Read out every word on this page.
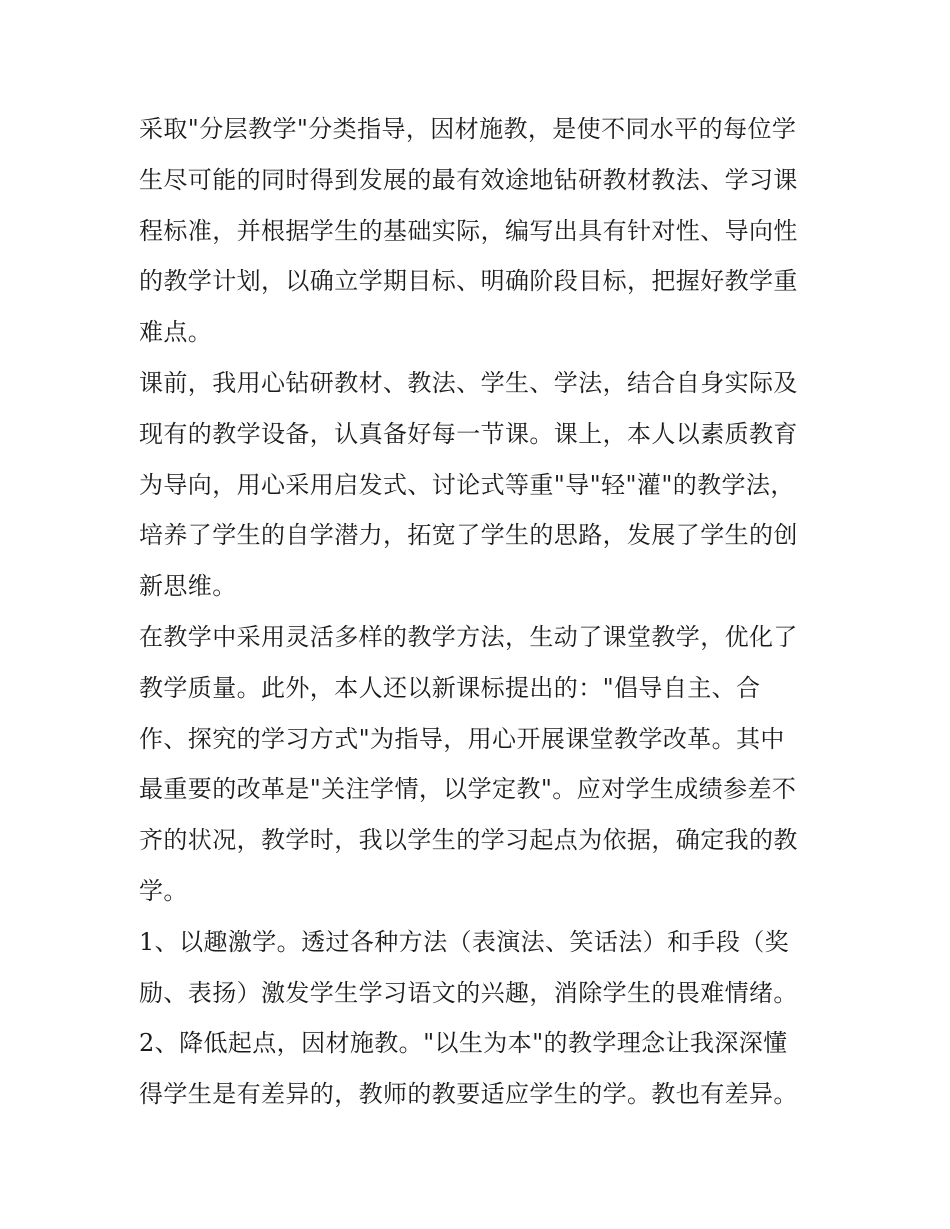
采取"分层教学"分类指导，因材施教，是使不同水平的每位学
生尽可能的同时得到发展的最有效途地钻研教材教法、学习课
程标准，并根据学生的基础实际，编写出具有针对性、导向性
的教学计划，以确立学期目标、明确阶段目标，把握好教学重
难点。

课前，我用心钻研教材、教法、学生、学法，结合自身实际及
现有的教学设备，认真备好每一节课。课上，本人以素质教育
为导向，用心采用启发式、讨论式等重"导"轻"灌"的教学法，
培养了学生的自学潜力，拓宽了学生的思路，发展了学生的创
新思维。

在教学中采用灵活多样的教学方法，生动了课堂教学，优化了
教学质量。此外，本人还以新课标提出的："倡导自主、合
作、探究的学习方式"为指导，用心开展课堂教学改革。其中
最重要的改革是"关注学情，以学定教"。应对学生成绩参差不
齐的状况，教学时，我以学生的学习起点为依据，确定我的教
学。

1、以趣激学。透过各种方法（表演法、笑话法）和手段（奖
励、表扬）激发学生学习语文的兴趣，消除学生的畏难情绪。

2、降低起点，因材施教。"以生为本"的教学理念让我深深懂
得学生是有差异的，教师的教要适应学生的学。教也有差异。
